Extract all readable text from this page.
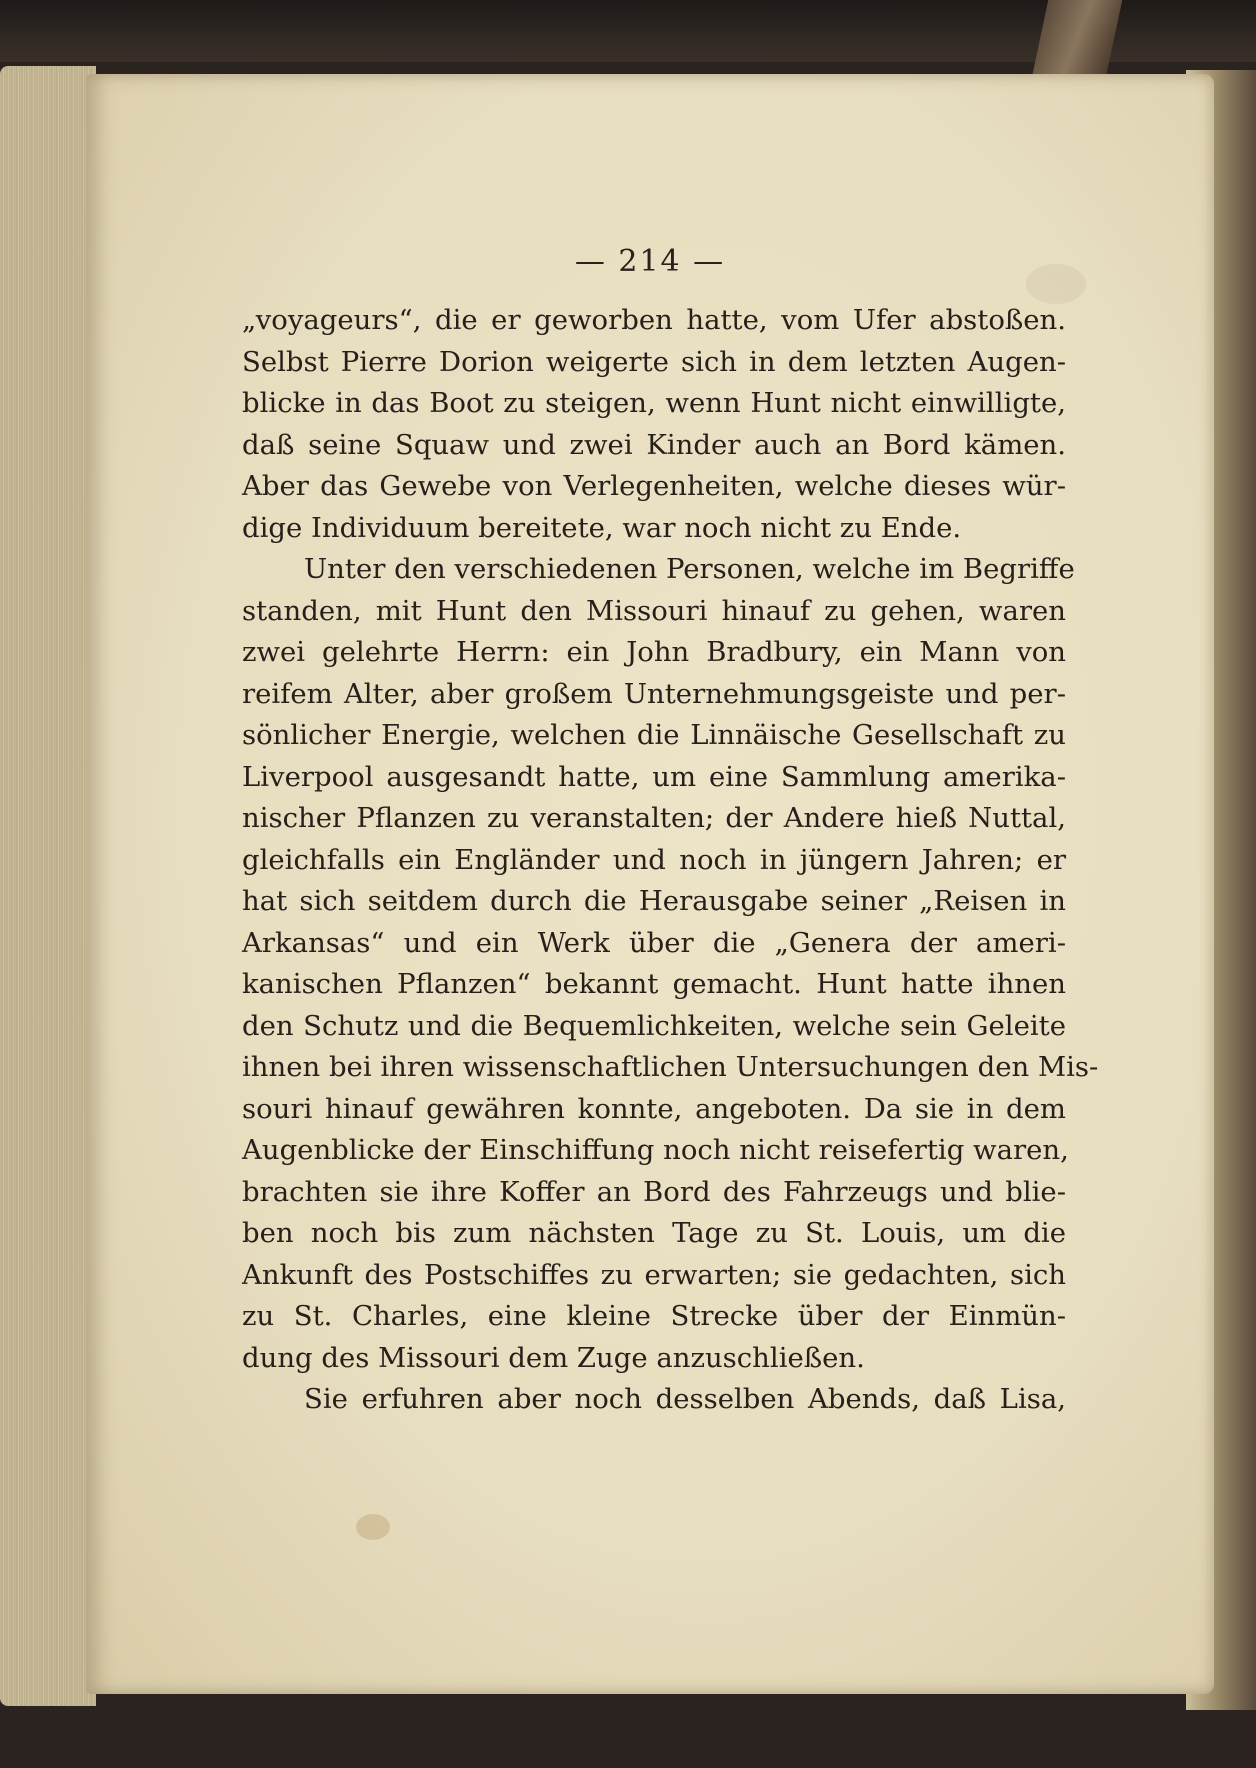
— 214 —
„voyageurs“, die er geworben hatte, vom Ufer abstoßen.
Selbst Pierre Dorion weigerte sich in dem letzten Augen-
blicke in das Boot zu steigen, wenn Hunt nicht einwilligte,
daß seine Squaw und zwei Kinder auch an Bord kämen.
Aber das Gewebe von Verlegenheiten, welche dieses wür-
dige Individuum bereitete, war noch nicht zu Ende.
Unter den verschiedenen Personen, welche im Begriffe
standen, mit Hunt den Missouri hinauf zu gehen, waren
zwei gelehrte Herrn: ein John Bradbury, ein Mann von
reifem Alter, aber großem Unternehmungsgeiste und per-
sönlicher Energie, welchen die Linnäische Gesellschaft zu
Liverpool ausgesandt hatte, um eine Sammlung amerika-
nischer Pflanzen zu veranstalten; der Andere hieß Nuttal,
gleichfalls ein Engländer und noch in jüngern Jahren; er
hat sich seitdem durch die Herausgabe seiner „Reisen in
Arkansas“ und ein Werk über die „Genera der ameri-
kanischen Pflanzen“ bekannt gemacht. Hunt hatte ihnen
den Schutz und die Bequemlichkeiten, welche sein Geleite
ihnen bei ihren wissenschaftlichen Untersuchungen den Mis-
souri hinauf gewähren konnte, angeboten. Da sie in dem
Augenblicke der Einschiffung noch nicht reisefertig waren,
brachten sie ihre Koffer an Bord des Fahrzeugs und blie-
ben noch bis zum nächsten Tage zu St. Louis, um die
Ankunft des Postschiffes zu erwarten; sie gedachten, sich
zu St. Charles, eine kleine Strecke über der Einmün-
dung des Missouri dem Zuge anzuschließen.
Sie erfuhren aber noch desselben Abends, daß Lisa,
